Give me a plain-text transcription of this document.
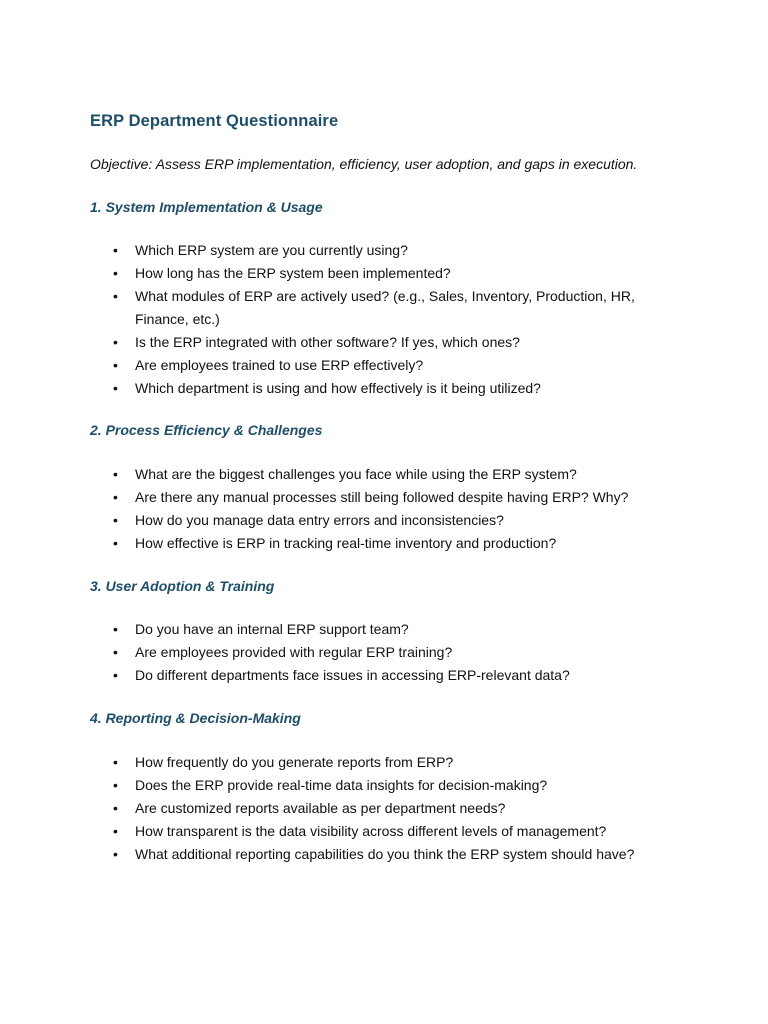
ERP Department Questionnaire

Objective: Assess ERP implementation, efficiency, user adoption, and gaps in execution.

1. System Implementation & Usage
• Which ERP system are you currently using?
• How long has the ERP system been implemented?
• What modules of ERP are actively used? (e.g., Sales, Inventory, Production, HR, Finance, etc.)
• Is the ERP integrated with other software? If yes, which ones?
• Are employees trained to use ERP effectively?
• Which department is using and how effectively is it being utilized?
2. Process Efficiency & Challenges
• What are the biggest challenges you face while using the ERP system?
• Are there any manual processes still being followed despite having ERP? Why?
• How do you manage data entry errors and inconsistencies?
• How effective is ERP in tracking real-time inventory and production?
3. User Adoption & Training
• Do you have an internal ERP support team?
• Are employees provided with regular ERP training?
• Do different departments face issues in accessing ERP-relevant data?
4. Reporting & Decision-Making
• How frequently do you generate reports from ERP?
• Does the ERP provide real-time data insights for decision-making?
• Are customized reports available as per department needs?
• How transparent is the data visibility across different levels of management?
• What additional reporting capabilities do you think the ERP system should have?
